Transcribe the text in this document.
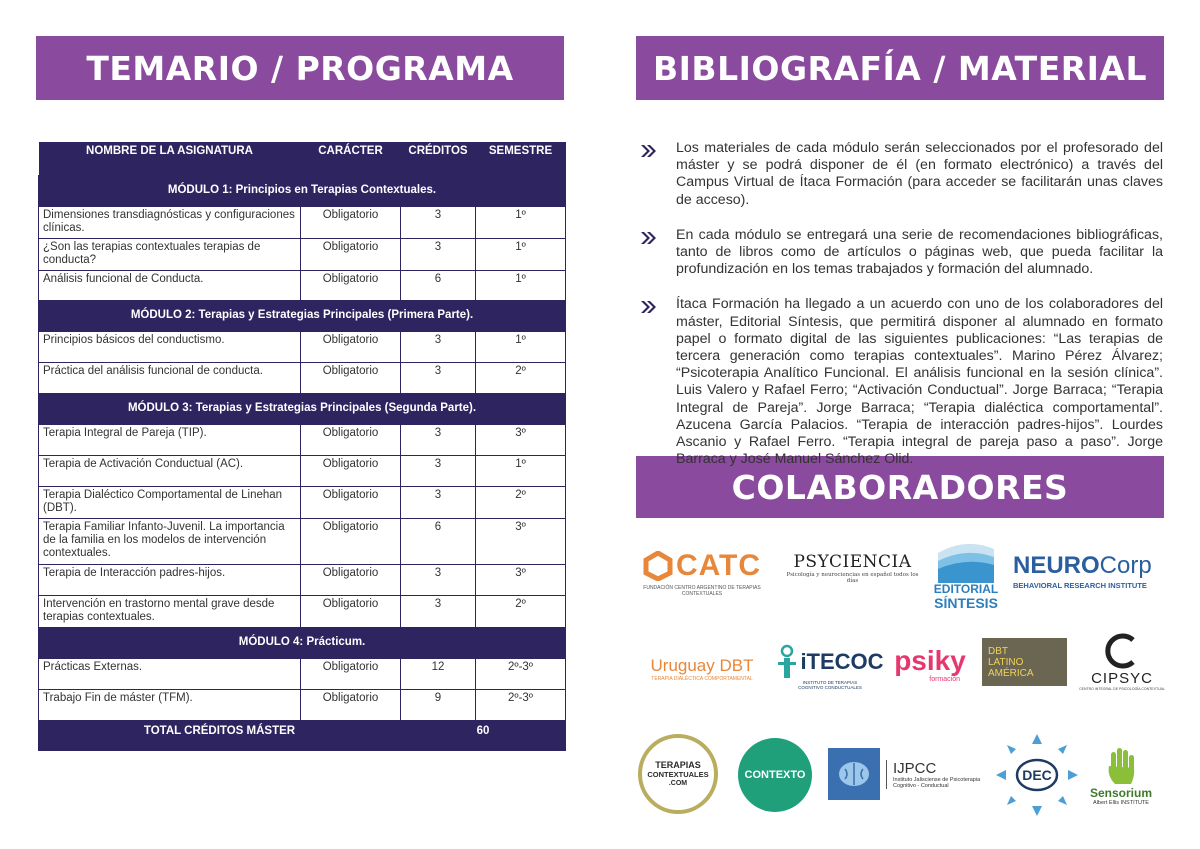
TEMARIO / PROGRAMA	BIBLIOGRAFÍA / MATERIAL
COLABORADORES
NOMBRE DE LA ASIGNATURA	CARÁCTER	CRÉDITOS	SEMESTRE
MÓDULO 1: Principios en Terapias Contextuales.			
Dimensiones transdiagnósticas y configuraciones clínicas.	Obligatorio	3	1º
¿Son las terapias contextuales terapias de conducta?	Obligatorio	3	1º
Análisis funcional de Conducta.	Obligatorio	6	1º
MÓDULO 2: Terapias y Estrategias Principales (Primera Parte).			
Principios básicos del conductismo.	Obligatorio	3	1º
Práctica del análisis funcional de conducta.	Obligatorio	3	2º
MÓDULO 3: Terapias y Estrategias Principales (Segunda Parte).			
Terapia Integral de Pareja (TIP).	Obligatorio	3	3º
Terapia de Activación Conductual (AC).	Obligatorio	3	1º
Terapia Dialéctico Comportamental de Linehan (DBT).	Obligatorio	3	2º
Terapia Familiar Infanto-Juvenil. La importancia de la familia en los modelos de intervención contextuales.	Obligatorio	6	3º
Terapia de Interacción padres-hijos.	Obligatorio	3	3º
Intervención en trastorno mental grave desde terapias contextuales.	Obligatorio	3	2º
MÓDULO 4: Prácticum.			
Prácticas Externas.	Obligatorio	12	2º-3º
Trabajo Fin de máster (TFM).	Obligatorio	9	2º-3º
TOTAL CRÉDITOS MÁSTER		60	

Los materiales de cada módulo serán seleccionados por el profesorado del máster y se podrá disponer de él (en formato electrónico) a través del Campus Virtual de Ítaca Formación (para acceder se facilitarán unas claves de acceso).

En cada módulo se entregará una serie de recomendaciones bibliográficas, tanto de libros como de artículos o páginas web, que pueda facilitar la profundización en los temas trabajados y formación del alumnado.

Ítaca Formación ha llegado a un acuerdo con uno de los colaboradores del máster, Editorial Síntesis, que permitirá disponer al alumnado en formato papel o formato digital de las siguientes publicaciones: “Las terapias de tercera generación como terapias contextuales”. Marino Pérez Álvarez; “Psicoterapia Analítico Funcional. El análisis funcional en la sesión clínica”. Luis Valero y Rafael Ferro; “Activación Conductual”. Jorge Barraca; “Terapia Integral de Pareja”. Jorge Barraca; “Terapia dialéctica comportamental”. Azucena García Palacios. “Terapia de interacción padres-hijos”. Lourdes Ascanio y Rafael Ferro. “Terapia integral de pareja paso a paso”. Jorge Barraca y José Manuel Sánchez Olid.

CATC
FUNDACIÓN CENTRO ARGENTINO DE TERAPIAS CONTEXTUALES
PSYCIENCIA
Psicología y neurociencias en español todos los días
EDITORIAL
SÍNTESIS
NEUROCorp
BEHAVIORAL RESEARCH INSTITUTE
Uruguay DBT
TERAPIA DIALÉCTICA COMPORTAMENTAL
iTECOC
INSTITUTO DE TERAPIAS COGNITIVO CONDUCTUALES
psiky
formación
DBT
LATINO
AMÉRICA	CIPSYC
CENTRO INTEGRAL DE PSICOLOGÍA CONTEXTUAL
TERAPIAS
CONTEXTUALES
.COM
CONTEXTO	IJPCC
Instituto Jalisciense de Psicoterapia
Cognitivo - Conductual
DEC
Sensorium
Albert Ellis INSTITUTE
